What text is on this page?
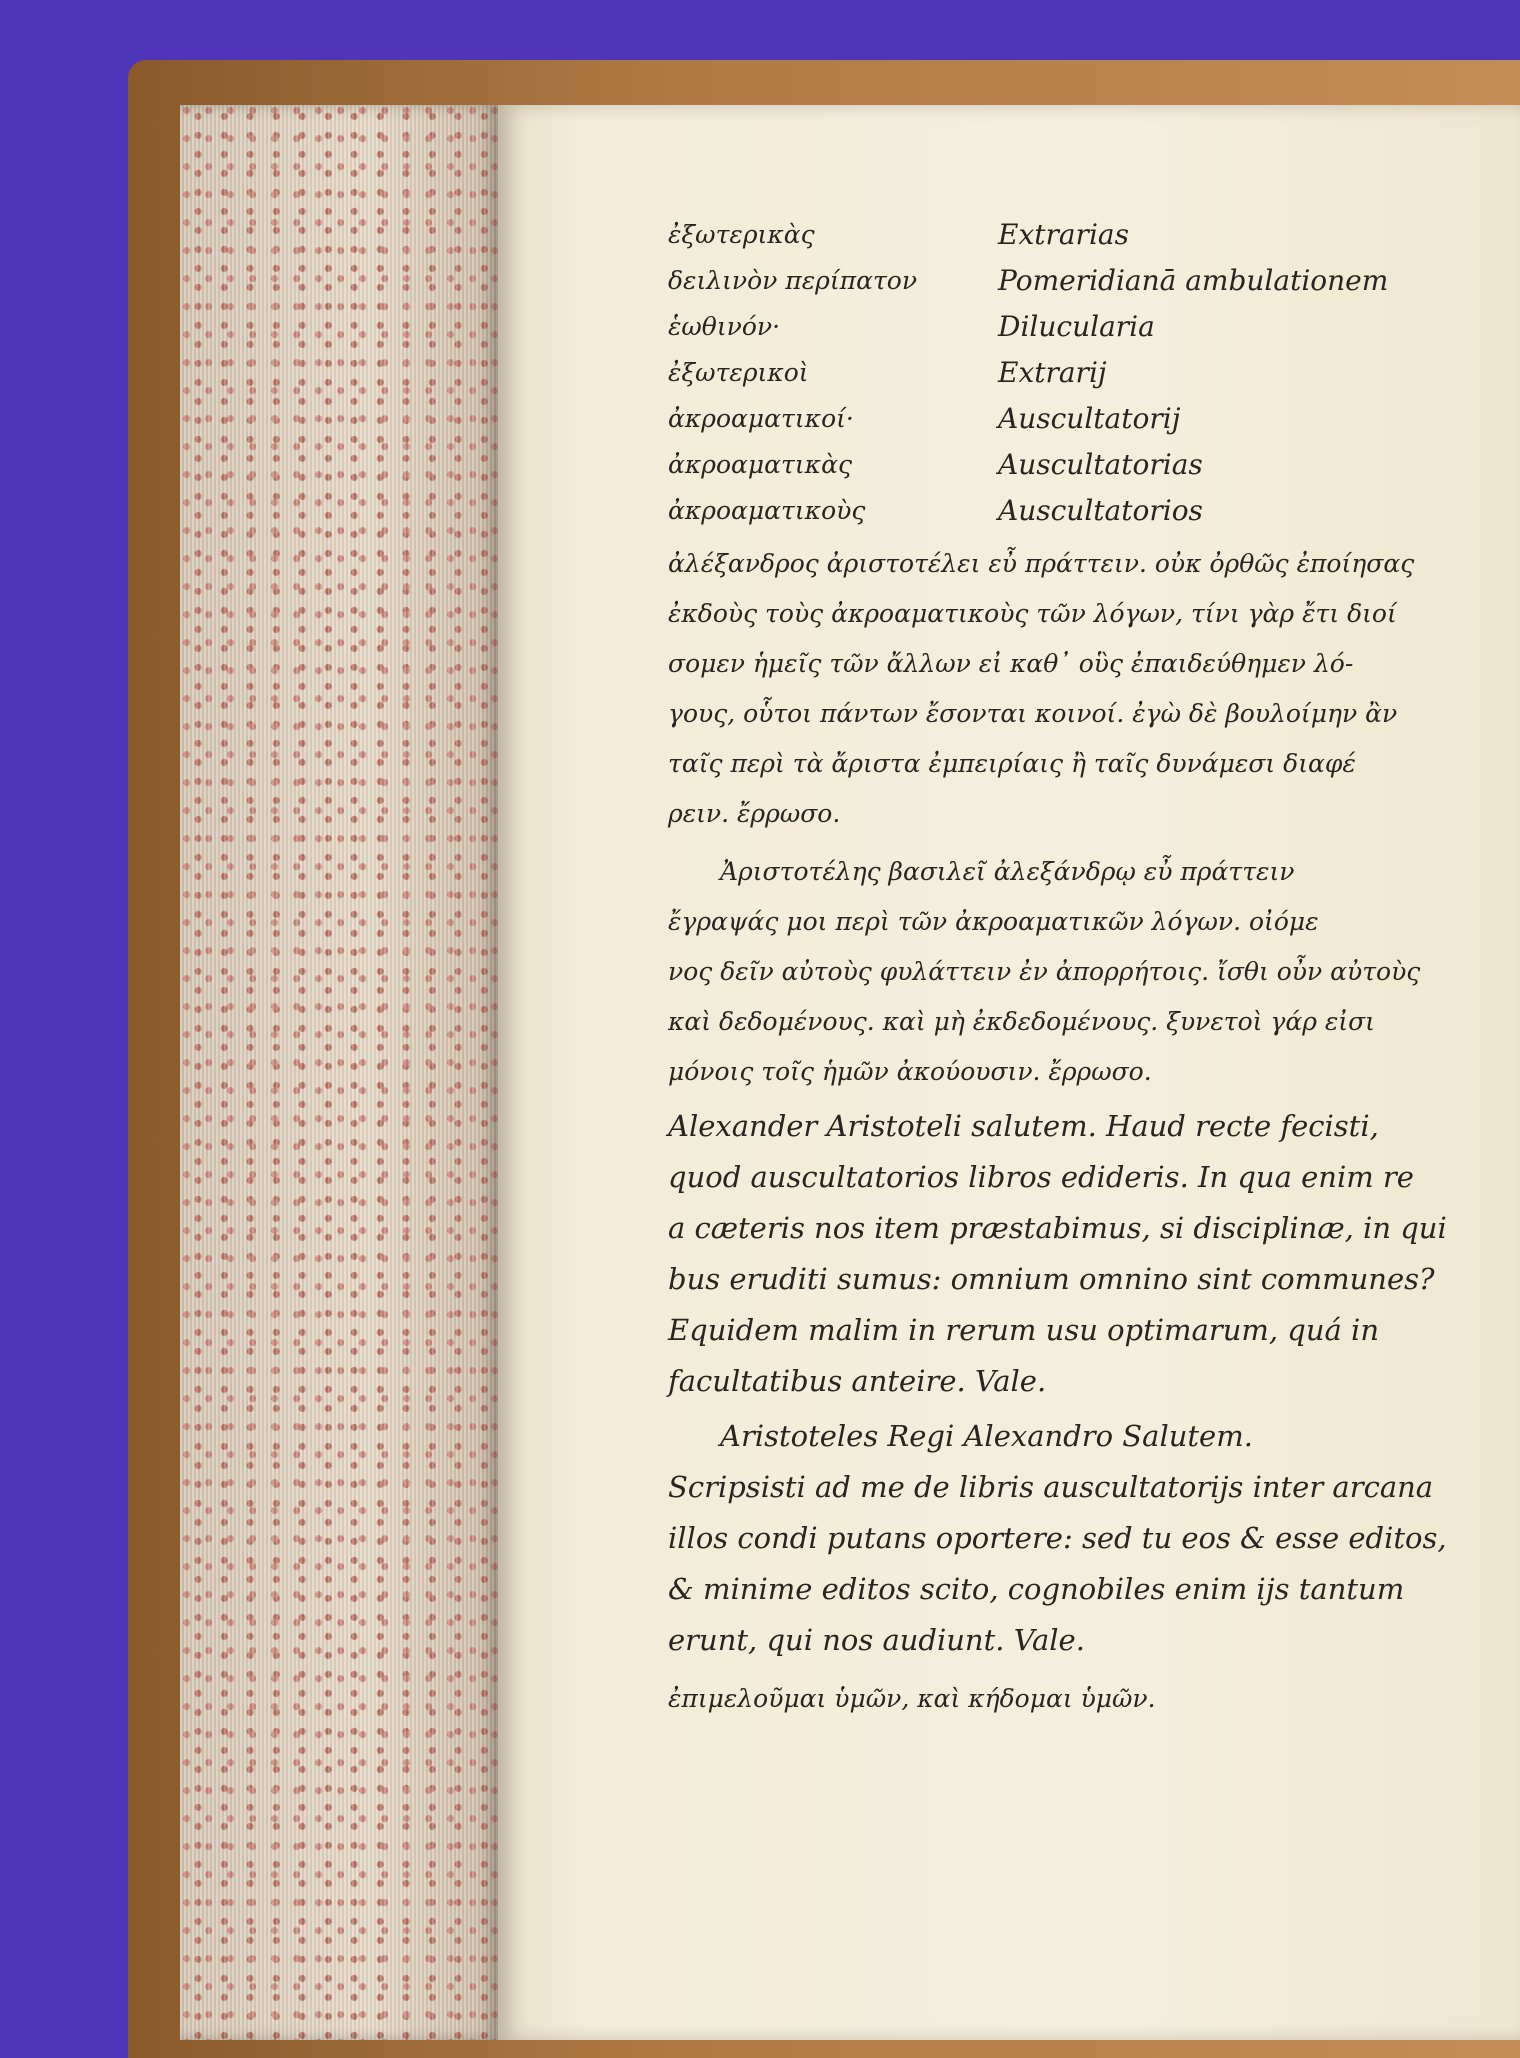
ἐξωτερικὰς	Extrarias
δειλινὸν περίπατον	Pomeridianā ambulationem
ἑωθινόν·	Dilucularia
ἐξωτερικοὶ	Extrarij
ἀκροαματικοί·	Auscultatorij
ἀκροαματικὰς	Auscultatorias
ἀκροαματικοὺς	Auscultatorios
ἀλέξανδρος ἀριστοτέλει εὖ πράττειν. οὐκ ὀρθῶς ἐποίησας
ἐκδοὺς τοὺς ἀκροαματικοὺς τῶν λόγων, τίνι γὰρ ἔτι διοί
σομεν ἡμεῖς τῶν ἄλλων εἰ καθ᾽ οὓς ἐπαιδεύθημεν λό-
γους, οὗτοι πάντων ἔσονται κοινοί. ἐγὼ δὲ βουλοίμην ἂν
ταῖς περὶ τὰ ἄριστα ἐμπειρίαις ἢ ταῖς δυνάμεσι διαφέ
ρειν. ἔρρωσο.
Ἀριστοτέλης βασιλεῖ ἀλεξάνδρῳ εὖ πράττειν
ἔγραψάς μοι περὶ τῶν ἀκροαματικῶν λόγων. οἰόμε
νος δεῖν αὐτοὺς φυλάττειν ἐν ἀπορρήτοις. ἴσθι οὖν αὐτοὺς
καὶ δεδομένους. καὶ μὴ ἐκδεδομένους. ξυνετοὶ γάρ εἰσι
μόνοις τοῖς ἡμῶν ἀκούουσιν. ἔρρωσο.
Alexander Aristoteli salutem. Haud recte fecisti,
quod auscultatorios libros edideris. In qua enim re
a cæteris nos item præstabimus, si disciplinæ, in qui
bus eruditi sumus: omnium omnino sint communes?
Equidem malim in rerum usu optimarum, quá in
facultatibus anteire. Vale.
Aristoteles Regi Alexandro Salutem.
Scripsisti ad me de libris auscultatorijs inter arcana
illos condi putans oportere: sed tu eos & esse editos,
& minime editos scito, cognobiles enim ijs tantum
erunt, qui nos audiunt. Vale.
ἐπιμελοῦμαι ὑμῶν, καὶ κήδομαι ὑμῶν.
